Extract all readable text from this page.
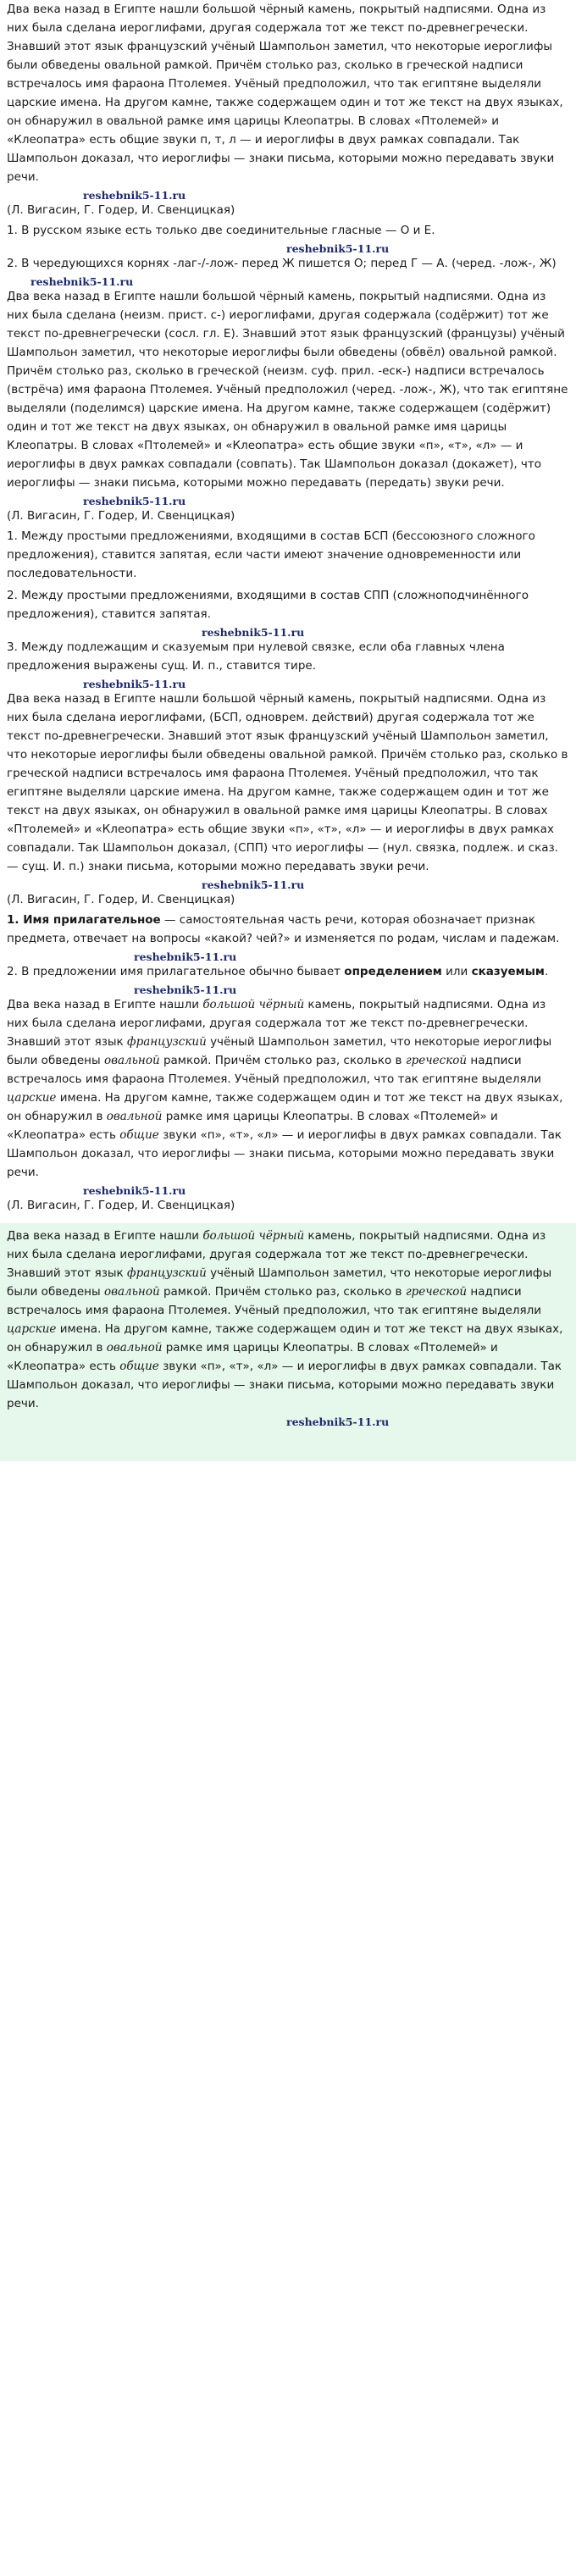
Два века назад в Египте нашли большой чёрный камень, покрытый надписями. Одна из них была сделана иероглифами, другая содержала тот же текст по-древнегречески. Знавший этот язык французский учёный Шампольон заметил, что некоторые иероглифы были обведены овальной рамкой. Причём столько раз, сколько в греческой надписи встречалось имя фараона Птолемея. Учёный предположил, что так египтяне выделяли царские имена. На другом камне, также содержащем один и тот же текст на двух языках, он обнаружил в овальной рамке имя царицы Клеопатры. В словах «Птолемей» и «Клеопатра» есть общие звуки п, т, л — и иероглифы в двух рамках совпадали. Так Шампольон доказал, что иероглифы — знаки письма, которыми можно передавать звуки речи.

reshebnik5-11.ru

(Л. Вигасин, Г. Годер, И. Свенцицкая)

1. В русском языке есть только две соединительные гласные — О и Е.

reshebnik5-11.ru

2. В чередующихся корнях -лаг-/-лож- перед Ж пишется О; перед Г — А. (черед. -лож-, Ж)

reshebnik5-11.ru

Два века назад в Египте нашли большой чёрный камень, покрытый надписями. Одна из них была сделана (неизм. прист. с-) иероглифами, другая содержала (содёржит) тот же текст по-древнегречески (сосл. гл. Е). Знавший этот язык французский (французы) учёный Шампольон заметил, что некоторые иероглифы были обведены (обвёл) овальной рамкой. Причём столько раз, сколько в греческой (неизм. суф. прил. -еск-) надписи встречалось (встрёча) имя фараона Птолемея. Учёный предположил (черед. -лож-, Ж), что так египтяне выделяли (поделимся) царские имена. На другом камне, также содержащем (содёржит) один и тот же текст на двух языках, он обнаружил в овальной рамке имя царицы Клеопатры. В словах «Птолемей» и «Клеопатра» есть общие звуки «п», «т», «л» — и иероглифы в двух рамках совпадали (совпать). Так Шампольон доказал (докажет), что иероглифы — знаки письма, которыми можно передавать (передать) звуки речи.

reshebnik5-11.ru

(Л. Вигасин, Г. Годер, И. Свенцицкая)

1. Между простыми предложениями, входящими в состав БСП (бессоюзного сложного предложения), ставится запятая, если части имеют значение одновременности или последовательности.

2. Между простыми предложениями, входящими в состав СПП (сложноподчинённого предложения), ставится запятая.

reshebnik5-11.ru

3. Между подлежащим и сказуемым при нулевой связке, если оба главных члена предложения выражены сущ. И. п., ставится тире.

reshebnik5-11.ru

Два века назад в Египте нашли большой чёрный камень, покрытый надписями. Одна из них была сделана иероглифами, (БСП, одноврем. действий) другая содержала тот же текст по-древнегречески. Знавший этот язык французский учёный Шампольон заметил, что некоторые иероглифы были обведены овальной рамкой. Причём столько раз, сколько в греческой надписи встречалось имя фараона Птолемея. Учёный предположил, что так египтяне выделяли царские имена. На другом камне, также содержащем один и тот же текст на двух языках, он обнаружил в овальной рамке имя царицы Клеопатры. В словах «Птолемей» и «Клеопатра» есть общие звуки «п», «т», «л» — и иероглифы в двух рамках совпадали. Так Шампольон доказал, (СПП) что иероглифы — (нул. связка, подлеж. и сказ. — сущ. И. п.) знаки письма, которыми можно передавать звуки речи.

reshebnik5-11.ru

(Л. Вигасин, Г. Годер, И. Свенцицкая)

1. Имя прилагательное — самостоятельная часть речи, которая обозначает признак предмета, отвечает на вопросы «какой? чей?» и изменяется по родам, числам и падежам.

reshebnik5-11.ru

2. В предложении имя прилагательное обычно бывает определением или сказуемым.

reshebnik5-11.ru

Два века назад в Египте нашли большой чёрный камень, покрытый надписями. Одна из них была сделана иероглифами, другая содержала тот же текст по-древнегречески. Знавший этот язык французский учёный Шампольон заметил, что некоторые иероглифы были обведены овальной рамкой. Причём столько раз, сколько в греческой надписи встречалось имя фараона Птолемея. Учёный предположил, что так египтяне выделяли царские имена. На другом камне, также содержащем один и тот же текст на двух языках, он обнаружил в овальной рамке имя царицы Клеопатры. В словах «Птолемей» и «Клеопатра» есть общие звуки «п», «т», «л» — и иероглифы в двух рамках совпадали. Так Шампольон доказал, что иероглифы — знаки письма, которыми можно передавать звуки речи.

reshebnik5-11.ru

(Л. Вигасин, Г. Годер, И. Свенцицкая)

Два века назад в Египте нашли большой чёрный камень, покрытый надписями. Одна из них была сделана иероглифами, другая содержала тот же текст по-древнегречески. Знавший этот язык французский учёный Шампольон заметил, что некоторые иероглифы были обведены овальной рамкой. Причём столько раз, сколько в греческой надписи встречалось имя фараона Птолемея. Учёный предположил, что так египтяне выделяли царские имена. На другом камне, также содержащем один и тот же текст на двух языках, он обнаружил в овальной рамке имя царицы Клеопатры. В словах «Птолемей» и «Клеопатра» есть общие звуки «п», «т», «л» — и иероглифы в двух рамках совпадали. Так Шампольон доказал, что иероглифы — знаки письма, которыми можно передавать звуки речи.

reshebnik5-11.ru
